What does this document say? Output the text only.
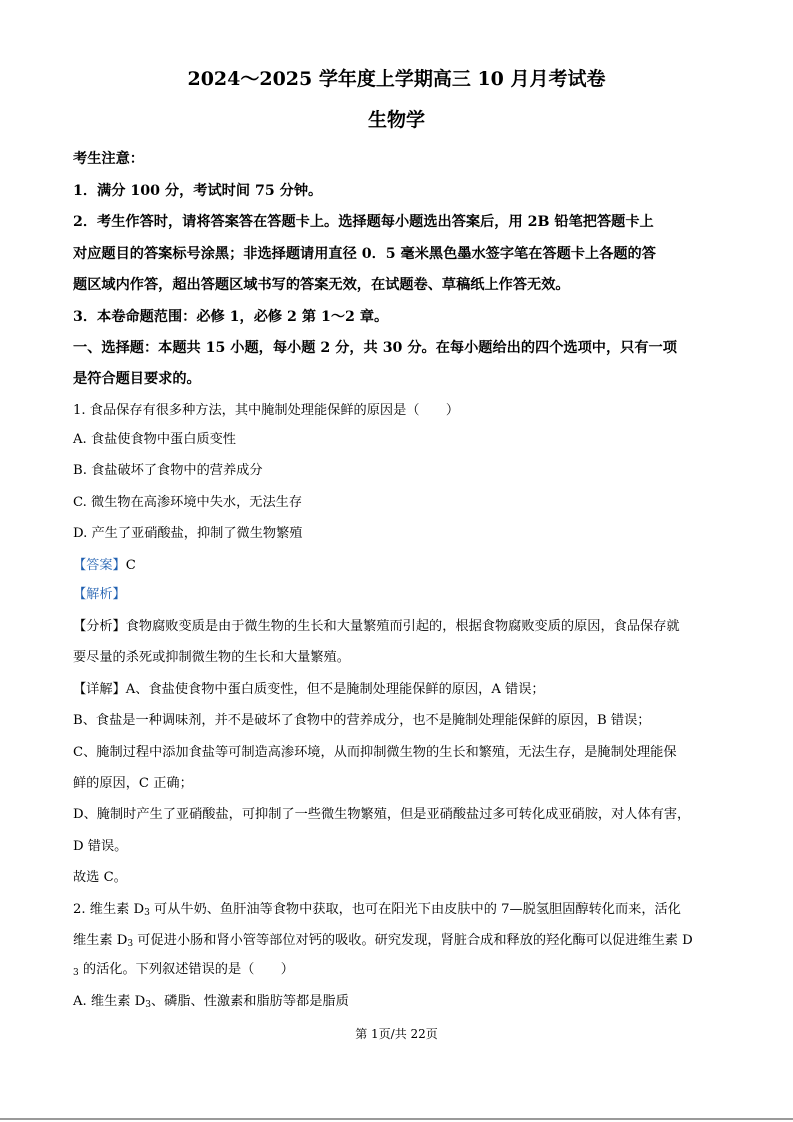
2024～2025 学年度上学期高三 10 月月考试卷
生物学
考生注意：
1．满分 100 分，考试时间 75 分钟。
2．考生作答时，请将答案答在答题卡上。选择题每小题选出答案后，用 2B 铅笔把答题卡上
对应题目的答案标号涂黑；非选择题请用直径 0．5 毫米黑色墨水签字笔在答题卡上各题的答
题区域内作答，超出答题区域书写的答案无效，在试题卷、草稿纸上作答无效。
3．本卷命题范围：必修 1，必修 2 第 1～2 章。
一、选择题：本题共 15 小题，每小题 2 分，共 30 分。在每小题给出的四个选项中，只有一项
是符合题目要求的。
1. 食品保存有很多种方法，其中腌制处理能保鲜的原因是（　　）
A. 食盐使食物中蛋白质变性
B. 食盐破坏了食物中的营养成分
C. 微生物在高渗环境中失水，无法生存
D. 产生了亚硝酸盐，抑制了微生物繁殖
【答案】C
【解析】
【分析】食物腐败变质是由于微生物的生长和大量繁殖而引起的，根据食物腐败变质的原因，食品保存就
要尽量的杀死或抑制微生物的生长和大量繁殖。
【详解】A、食盐使食物中蛋白质变性，但不是腌制处理能保鲜的原因，A 错误；
B、食盐是一种调味剂，并不是破坏了食物中的营养成分，也不是腌制处理能保鲜的原因，B 错误；
C、腌制过程中添加食盐等可制造高渗环境，从而抑制微生物的生长和繁殖，无法生存，是腌制处理能保
鲜的原因，C 正确；
D、腌制时产生了亚硝酸盐，可抑制了一些微生物繁殖，但是亚硝酸盐过多可转化成亚硝胺，对人体有害，
D 错误。
故选 C。
2. 维生素 $D_3$ 可从牛奶、鱼肝油等食物中获取，也可在阳光下由皮肤中的 7—脱氢胆固醇转化而来，活化
维生素 $D_3$ 可促进小肠和肾小管等部位对钙的吸收。研究发现，肾脏合成和释放的羟化酶可以促进维生素 D
$_3$ 的活化。下列叙述错误的是（　　）
A. 维生素 $D_3$、磷脂、性激素和脂肪等都是脂质
第 1页/共 22页
